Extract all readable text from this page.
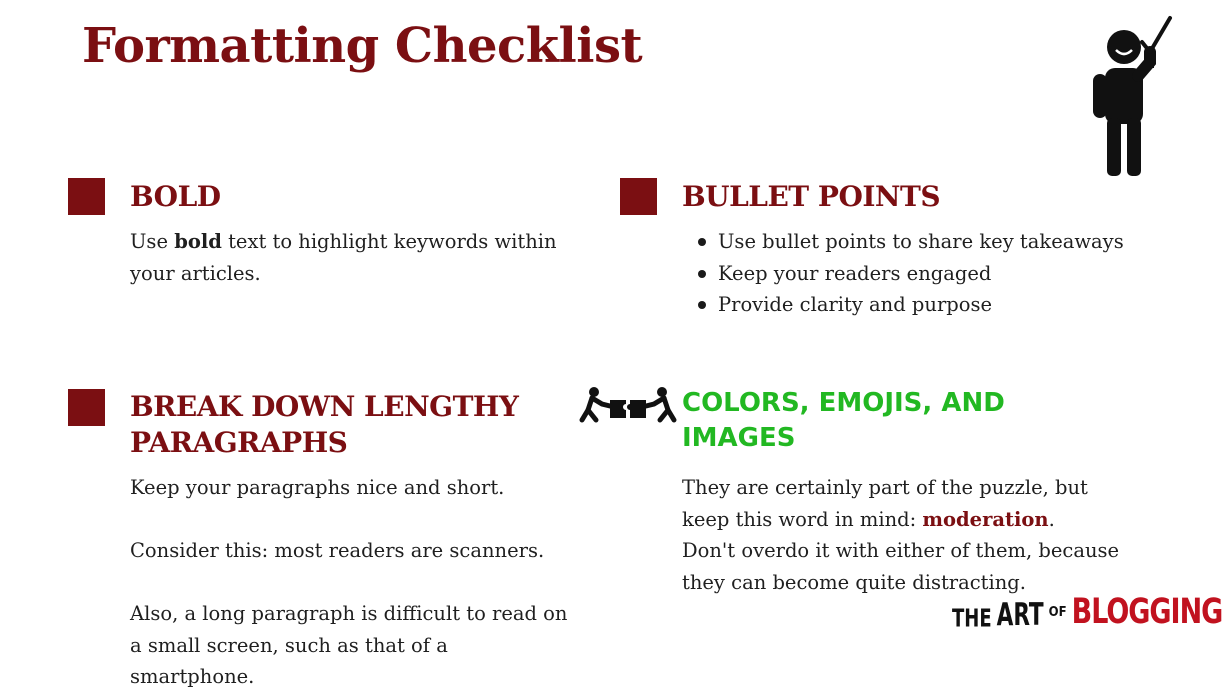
Formatting Checklist
BOLD
Use bold text to highlight keywords within your articles.
BULLET POINTS
Use bullet points to share key takeaways
Keep your readers engaged
Provide clarity and purpose
BREAK DOWN LENGTHY PARAGRAPHS

Keep your paragraphs nice and short.

Consider this: most readers are scanners.

Also, a long paragraph is difficult to read on a small screen, such as that of a smartphone.

COLORS, EMOJIS, AND IMAGES

They are certainly part of the puzzle, but keep this word in mind: moderation.

Don't overdo it with either of them, because they can become quite distracting.

THE ART OF BLOGGING
